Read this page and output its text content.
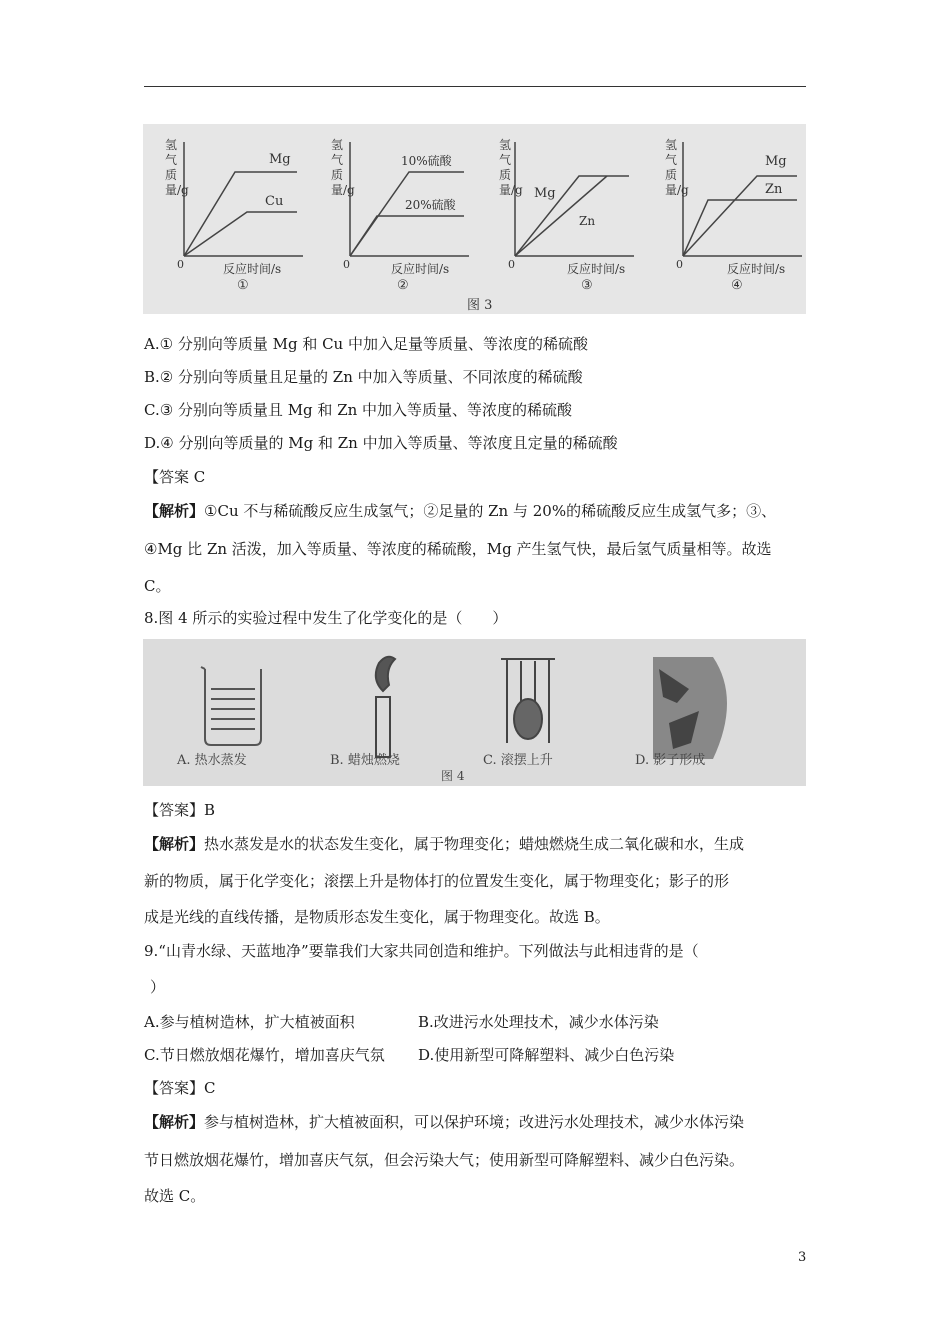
氢气质量/g
Mg
Cu
0	反应时间/s
①
氢气质量/g
10%硫酸
20%硫酸
0	反应时间/s
②
氢气质量/g Mg
Zn
0	反应时间/s
③
氢气质量/g
Mg
Zn
0	反应时间/s
④
图 3
A.① 分别向等质量 Mg 和 Cu 中加入足量等质量、等浓度的稀硫酸
B.② 分别向等质量且足量的 Zn 中加入等质量、不同浓度的稀硫酸
C.③ 分别向等质量且 Mg 和 Zn 中加入等质量、等浓度的稀硫酸
D.④ 分别向等质量的 Mg 和 Zn 中加入等质量、等浓度且定量的稀硫酸
【答案 C
【解析】①Cu 不与稀硫酸反应生成氢气；②足量的 Zn 与 20%的稀硫酸反应生成氢气多；③、
④Mg 比 Zn 活泼，加入等质量、等浓度的稀硫酸，Mg 产生氢气快，最后氢气质量相等。故选
C。
8.图 4 所示的实验过程中发生了化学变化的是（　　）
A. 热水蒸发	B. 蜡烛燃烧	C. 滚摆上升	D. 影子形成
图 4
【答案】B
【解析】热水蒸发是水的状态发生变化，属于物理变化；蜡烛燃烧生成二氧化碳和水，生成
新的物质，属于化学变化；滚摆上升是物体打的位置发生变化，属于物理变化；影子的形
成是光线的直线传播，是物质形态发生变化，属于物理变化。故选 B。
9.“山青水绿、天蓝地净”要靠我们大家共同创造和维护。下列做法与此相违背的是（
）
A.参与植树造林，扩大植被面积	B.改进污水处理技术，减少水体污染
C.节日燃放烟花爆竹，增加喜庆气氛 D.使用新型可降解塑料、减少白色污染
【答案】C
【解析】参与植树造林，扩大植被面积，可以保护环境；改进污水处理技术，减少水体污染
节日燃放烟花爆竹，增加喜庆气氛，但会污染大气；使用新型可降解塑料、减少白色污染。
故选 C。
3
